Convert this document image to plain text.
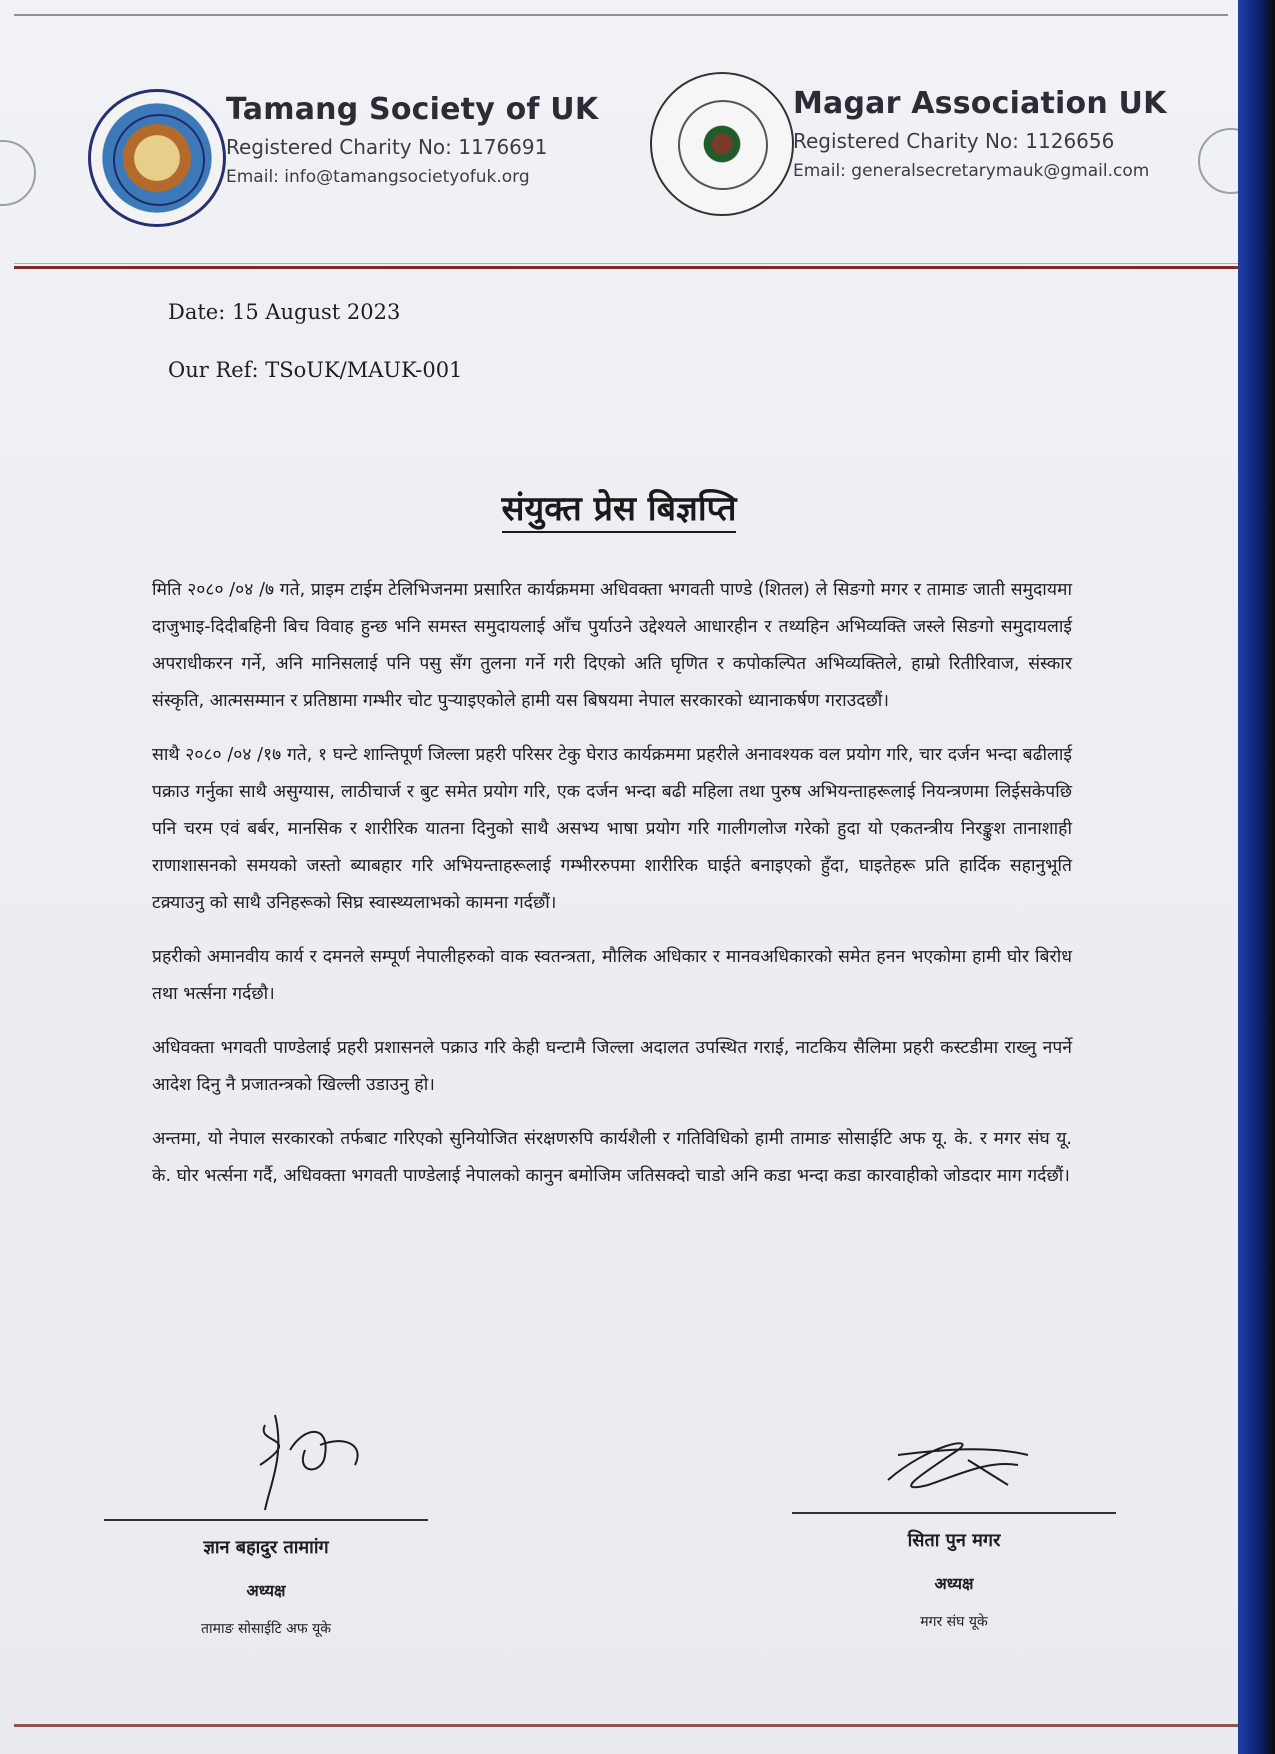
Tamang Society of UK
Registered Charity No: 1176691
Email: info@tamangsocietyofuk.org
Magar Association UK
Registered Charity No: 1126656
Email: generalsecretarymauk@gmail.com
Date: 15 August 2023
Our Ref: TSoUK/MAUK-001
संयुक्त प्रेस बिज्ञप्ति

मिति २०८० /०४ /७ गते, प्राइम टाईम टेलिभिजनमा प्रसारित कार्यक्रममा अधिवक्ता भगवती पाण्डे (शितल) ले सिङगो मगर र तामाङ जाती समुदायमा दाजुभाइ-दिदीबहिनी बिच विवाह हुन्छ भनि समस्त समुदायलाई आँच पुर्याउने उद्देश्यले आधारहीन र तथ्यहिन अभिव्यक्ति जस्ले सिङगो समुदायलाई अपराधीकरन गर्ने, अनि मानिसलाई पनि पसु सँग तुलना गर्ने गरी दिएको अति घृणित र कपोकल्पित अभिव्यक्तिले, हाम्रो रितीरिवाज, संस्कार संस्कृति, आत्मसम्मान र प्रतिष्ठामा गम्भीर चोट पुऱ्याइएकोले हामी यस बिषयमा नेपाल सरकारको ध्यानाकर्षण गराउदछौं।

साथै २०८० /०४ /१७ गते, १ घन्टे शान्तिपूर्ण जिल्ला प्रहरी परिसर टेकु घेराउ कार्यक्रममा प्रहरीले अनावश्यक वल प्रयोग गरि, चार दर्जन भन्दा बढीलाई पक्राउ गर्नुका साथै असुग्यास, लाठीचार्ज र बुट समेत प्रयोग गरि, एक दर्जन भन्दा बढी महिला तथा पुरुष अभियन्ताहरूलाई नियन्त्रणमा लिईसकेपछि पनि चरम एवं बर्बर, मानसिक र शारीरिक यातना दिनुको साथै असभ्य भाषा प्रयोग गरि गालीगलोज गरेको हुदा यो एकतन्त्रीय निरङ्कुश तानाशाही राणाशासनको समयको जस्तो ब्याबहार गरि अभियन्ताहरूलाई गम्भीररुपमा शारीरिक घाईते बनाइएको हुँदा, घाइतेहरू प्रति हार्दिक सहानुभूति टक्र्याउनु को साथै उनिहरूको सिघ्र स्वास्थ्यलाभको कामना गर्दछौं।

प्रहरीको अमानवीय कार्य र दमनले सम्पूर्ण नेपालीहरुको वाक स्वतन्त्रता, मौलिक अधिकार र मानवअधिकारको समेत हनन भएकोमा हामी घोर बिरोध तथा भर्त्सना गर्दछौ।

अधिवक्ता भगवती पाण्डेलाई प्रहरी प्रशासनले पक्राउ गरि केही घन्टामै जिल्ला अदालत उपस्थित गराई, नाटकिय सैलिमा प्रहरी कस्टडीमा राख्नु नपर्ने आदेश दिनु नै प्रजातन्त्रको खिल्ली उडाउनु हो।

अन्तमा, यो नेपाल सरकारको तर्फबाट गरिएको सुनियोजित संरक्षणरुपि कार्यशैली र गतिविधिको हामी तामाङ सोसाईटि अफ यू. के. र मगर संघ यू. के. घोर भर्त्सना गर्दै, अधिवक्ता भगवती पाण्डेलाई नेपालको कानुन बमोजिम जतिसक्दो चाडो अनि कडा भन्दा कडा कारवाहीको जोडदार माग गर्दछौं।

ज्ञान बहादुर तामाांग
अध्यक्ष
तामाङ सोसाईटि अफ यूके
सिता पुन मगर
अध्यक्ष
मगर संघ यूके
